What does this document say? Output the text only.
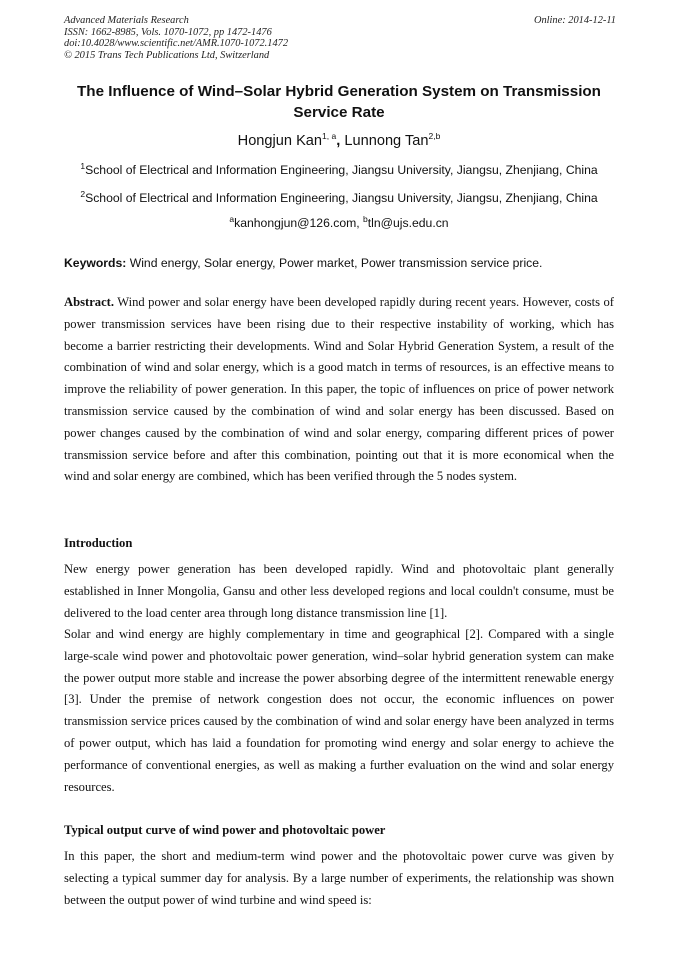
Advanced Materials Research
ISSN: 1662-8985, Vols. 1070-1072, pp 1472-1476
doi:10.4028/www.scientific.net/AMR.1070-1072.1472
© 2015 Trans Tech Publications Ltd, Switzerland
Online: 2014-12-11
The Influence of Wind–Solar Hybrid Generation System on Transmission Service Rate
Hongjun Kan$^{1, a}$, Lunnong Tan$^{2,b}$
$^1$School of Electrical and Information Engineering, Jiangsu University, Jiangsu, Zhenjiang, China
$^2$School of Electrical and Information Engineering, Jiangsu University, Jiangsu, Zhenjiang, China
$^a$kanhongjun@126.com, $^b$tln@ujs.edu.cn
Keywords: Wind energy, Solar energy, Power market, Power transmission service price.
Abstract. Wind power and solar energy have been developed rapidly during recent years. However, costs of power transmission services have been rising due to their respective instability of working, which has become a barrier restricting their developments. Wind and Solar Hybrid Generation System, a result of the combination of wind and solar energy, which is a good match in terms of resources, is an effective means to improve the reliability of power generation. In this paper, the topic of influences on price of power network transmission service caused by the combination of wind and solar energy has been discussed. Based on power changes caused by the combination of wind and solar energy, comparing different prices of power transmission service before and after this combination, pointing out that it is more economical when the wind and solar energy are combined, which has been verified through the 5 nodes system.
Introduction

New energy power generation has been developed rapidly. Wind and photovoltaic plant generally established in Inner Mongolia, Gansu and other less developed regions and local couldn't consume, must be delivered to the load center area through long distance transmission line [1].

Solar and wind energy are highly complementary in time and geographical [2]. Compared with a single large-scale wind power and photovoltaic power generation, wind–solar hybrid generation system can make the power output more stable and increase the power absorbing degree of the intermittent renewable energy [3]. Under the premise of network congestion does not occur, the economic influences on power transmission service prices caused by the combination of wind and solar energy have been analyzed in terms of power output, which has laid a foundation for promoting wind energy and solar energy to achieve the performance of conventional energies, as well as making a further evaluation on the wind and solar energy resources.

Typical output curve of wind power and photovoltaic power

In this paper, the short and medium-term wind power and the photovoltaic power curve was given by selecting a typical summer day for analysis. By a large number of experiments, the relationship was shown between the output power of wind turbine and wind speed is:
